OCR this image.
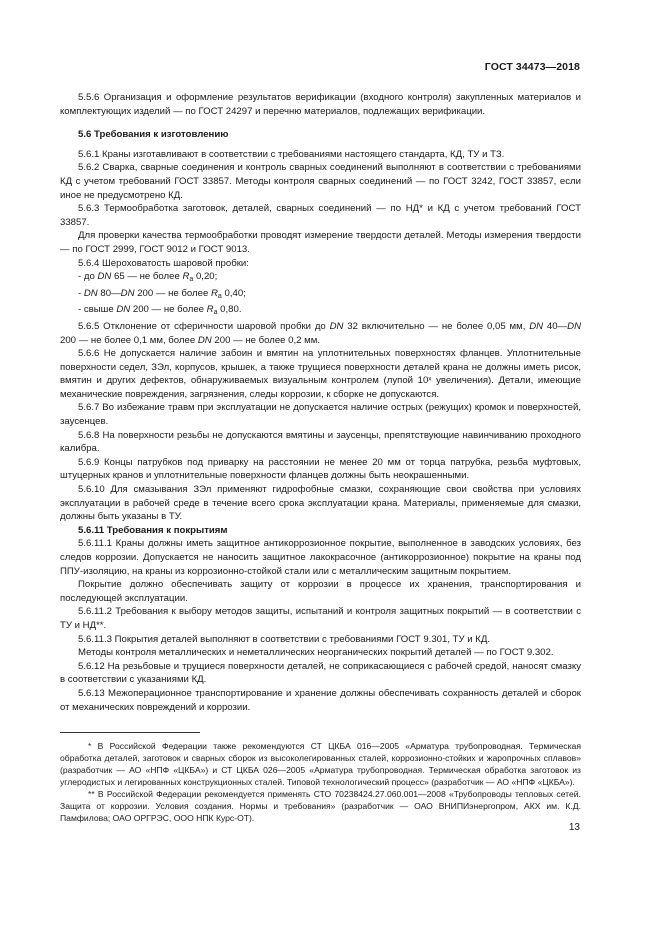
ГОСТ 34473—2018

5.5.6 Организация и оформление результатов верификации (входного контроля) закупленных материалов и комплектующих изделий — по ГОСТ 24297 и перечню материалов, подлежащих верификации.

5.6 Требования к изготовлению

5.6.1 Краны изготавливают в соответствии с требованиями настоящего стандарта, КД, ТУ и ТЗ.

5.6.2 Сварка, сварные соединения и контроль сварных соединений выполняют в соответствии с требованиями КД с учетом требований ГОСТ 33857. Методы контроля сварных соединений — по ГОСТ 3242, ГОСТ 33857, если иное не предусмотрено КД.

5.6.3 Термообработка заготовок, деталей, сварных соединений — по НД* и КД с учетом требований ГОСТ 33857.

Для проверки качества термообработки проводят измерение твердости деталей. Методы измерения твердости — по ГОСТ 2999, ГОСТ 9012 и ГОСТ 9013.

5.6.4 Шероховатость шаровой пробки:

- до DN 65 — не более $R_a$ 0,20;

- DN 80—DN 200 — не более $R_a$ 0,40;

- свыше DN 200 — не более $R_a$ 0,80.

5.6.5 Отклонение от сферичности шаровой пробки до DN 32 включительно — не более 0,05 мм, DN 40—DN 200 — не более 0,1 мм, более DN 200 — не более 0,2 мм.

5.6.6 Не допускается наличие забоин и вмятин на уплотнительных поверхностях фланцев. Уплотнительные поверхности седел, ЗЭл, корпусов, крышек, а также трущиеся поверхности деталей крана не должны иметь рисок, вмятин и других дефектов, обнаруживаемых визуальным контролем (лупой 10ˣ увеличения). Детали, имеющие механические повреждения, загрязнения, следы коррозии, к сборке не допускаются.

5.6.7 Во избежание травм при эксплуатации не допускается наличие острых (режущих) кромок и поверхностей, заусенцев.

5.6.8 На поверхности резьбы не допускаются вмятины и заусенцы, препятствующие навинчиванию проходного калибра.

5.6.9 Концы патрубков под приварку на расстоянии не менее 20 мм от торца патрубка, резьба муфтовых, штуцерных кранов и уплотнительные поверхности фланцев должны быть неокрашенными.

5.6.10 Для смазывания ЗЭл применяют гидрофобные смазки, сохраняющие свои свойства при условиях эксплуатации в рабочей среде в течение всего срока эксплуатации крана. Материалы, применяемые для смазки, должны быть указаны в ТУ.

5.6.11 Требования к покрытиям

5.6.11.1 Краны должны иметь защитное антикоррозионное покрытие, выполненное в заводских условиях, без следов коррозии. Допускается не наносить защитное лакокрасочное (антикоррозионное) покрытие на краны под ППУ-изоляцию, на краны из коррозионно-стойкой стали или с металлическим защитным покрытием.

Покрытие должно обеспечивать защиту от коррозии в процессе их хранения, транспортирования и последующей эксплуатации.

5.6.11.2 Требования к выбору методов защиты, испытаний и контроля защитных покрытий — в соответствии с ТУ и НД**.

5.6.11.3 Покрытия деталей выполняют в соответствии с требованиями ГОСТ 9.301, ТУ и КД.

Методы контроля металлических и неметаллических неорганических покрытий деталей — по ГОСТ 9.302.

5.6.12 На резьбовые и трущиеся поверхности деталей, не соприкасающиеся с рабочей средой, наносят смазку в соответствии с указаниями КД.

5.6.13 Межоперационное транспортирование и хранение должны обеспечивать сохранность деталей и сборок от механических повреждений и коррозии.

* В Российской Федерации также рекомендуются СТ ЦКБА 016—2005 «Арматура трубопроводная. Термическая обработка деталей, заготовок и сварных сборок из высоколегированных сталей, коррозионно-стойких и жаропрочных сплавов» (разработчик — АО «НПФ «ЦКБА») и СТ ЦКБА 026—2005 «Арматура трубопроводная. Термическая обработка заготовок из углеродистых и легированных конструкционных сталей. Типовой технологический процесс» (разработчик — АО «НПФ «ЦКБА»).

** В Российской Федерации рекомендуется применять СТО 70238424.27.060.001—2008 «Трубопроводы тепловых сетей. Защита от коррозии. Условия создания. Нормы и требования» (разработчик — ОАО ВНИПИэнергопром, АКХ им. К.Д. Памфилова; ОАО ОРГРЭС, ООО НПК Курс-ОТ).

13
